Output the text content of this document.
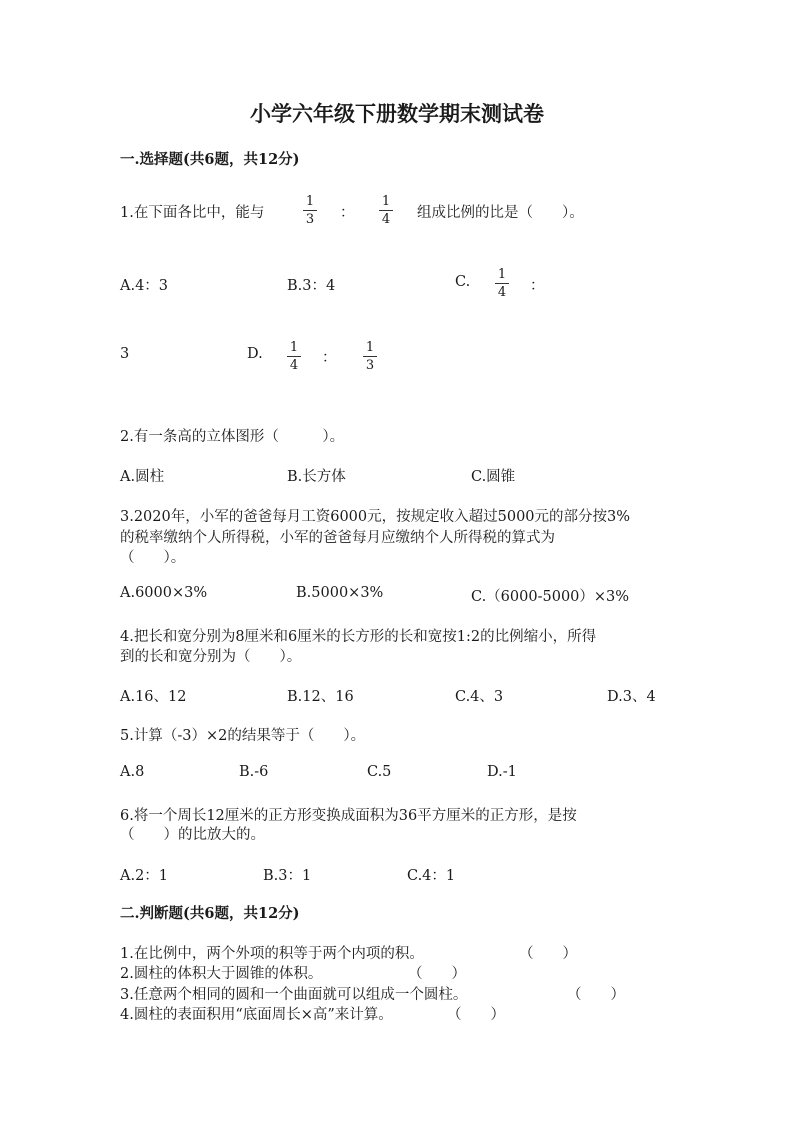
小学六年级下册数学期末测试卷
一.选择题(共6题，共12分)
1.在下面各比中，能与
1
3 ：
1
4 组成比例的比是（　　）。
A.4：3	B.3：4	C. 1
4 ：
3	D. 1
4 ：
1
3
2.有一条高的立体图形（　　　）。
A.圆柱	B.长方体	C.圆锥
3.2020年，小军的爸爸每月工资6000元，按规定收入超过5000元的部分按3%
的税率缴纳个人所得税，小军的爸爸每月应缴纳个人所得税的算式为
（　　）。
A.6000×3%	B.5000×3%	C.（6000-5000）×3%
4.把长和宽分别为8厘米和6厘米的长方形的长和宽按1:2的比例缩小，所得
到的长和宽分别为（　　）。
A.16、12	B.12、16	C.4、3	D.3、4
5.计算（-3）×2的结果等于（　　）。
A.8	B.-6	C.5	D.-1
6.将一个周长12厘米的正方形变换成面积为36平方厘米的正方形，是按
（　　）的比放大的。
A.2：1	B.3：1	C.4：1
二.判断题(共6题，共12分)
1.在比例中，两个外项的积等于两个内项的积。	（　　）
2.圆柱的体积大于圆锥的体积。	（　　）
3.任意两个相同的圆和一个曲面就可以组成一个圆柱。	（　　）
4.圆柱的表面积用“底面周长×高”来计算。	（　　）
